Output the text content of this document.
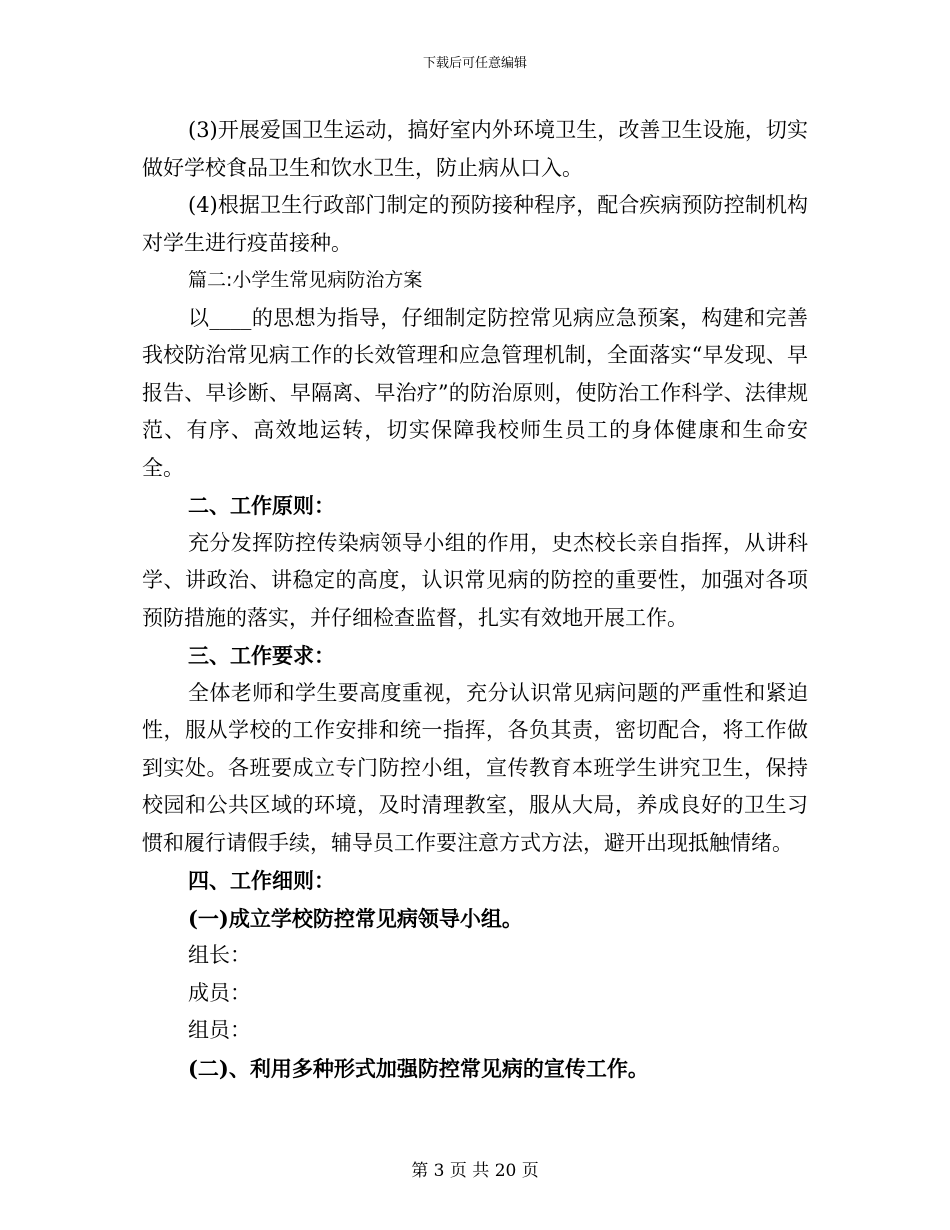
下载后可任意编辑

(3)开展爱国卫生运动，搞好室内外环境卫生，改善卫生设施，切实做好学校食品卫生和饮水卫生，防止病从口入。

(4)根据卫生行政部门制定的预防接种程序，配合疾病预防控制机构对学生进行疫苗接种。

篇二:小学生常见病防治方案

以____的思想为指导，仔细制定防控常见病应急预案，构建和完善我校防治常见病工作的长效管理和应急管理机制，全面落实“早发现、早报告、早诊断、早隔离、早治疗”的防治原则，使防治工作科学、法律规范、有序、高效地运转，切实保障我校师生员工的身体健康和生命安全。

二、工作原则：

充分发挥防控传染病领导小组的作用，史杰校长亲自指挥，从讲科学、讲政治、讲稳定的高度，认识常见病的防控的重要性，加强对各项预防措施的落实，并仔细检查监督，扎实有效地开展工作。

三、工作要求：

全体老师和学生要高度重视，充分认识常见病问题的严重性和紧迫性，服从学校的工作安排和统一指挥，各负其责，密切配合，将工作做到实处。各班要成立专门防控小组，宣传教育本班学生讲究卫生，保持校园和公共区域的环境，及时清理教室，服从大局，养成良好的卫生习惯和履行请假手续，辅导员工作要注意方式方法，避开出现抵触情绪。

四、工作细则：

(一)成立学校防控常见病领导小组。

组长：

成员：

组员：

(二)、利用多种形式加强防控常见病的宣传工作。

第 3 页 共 20 页
